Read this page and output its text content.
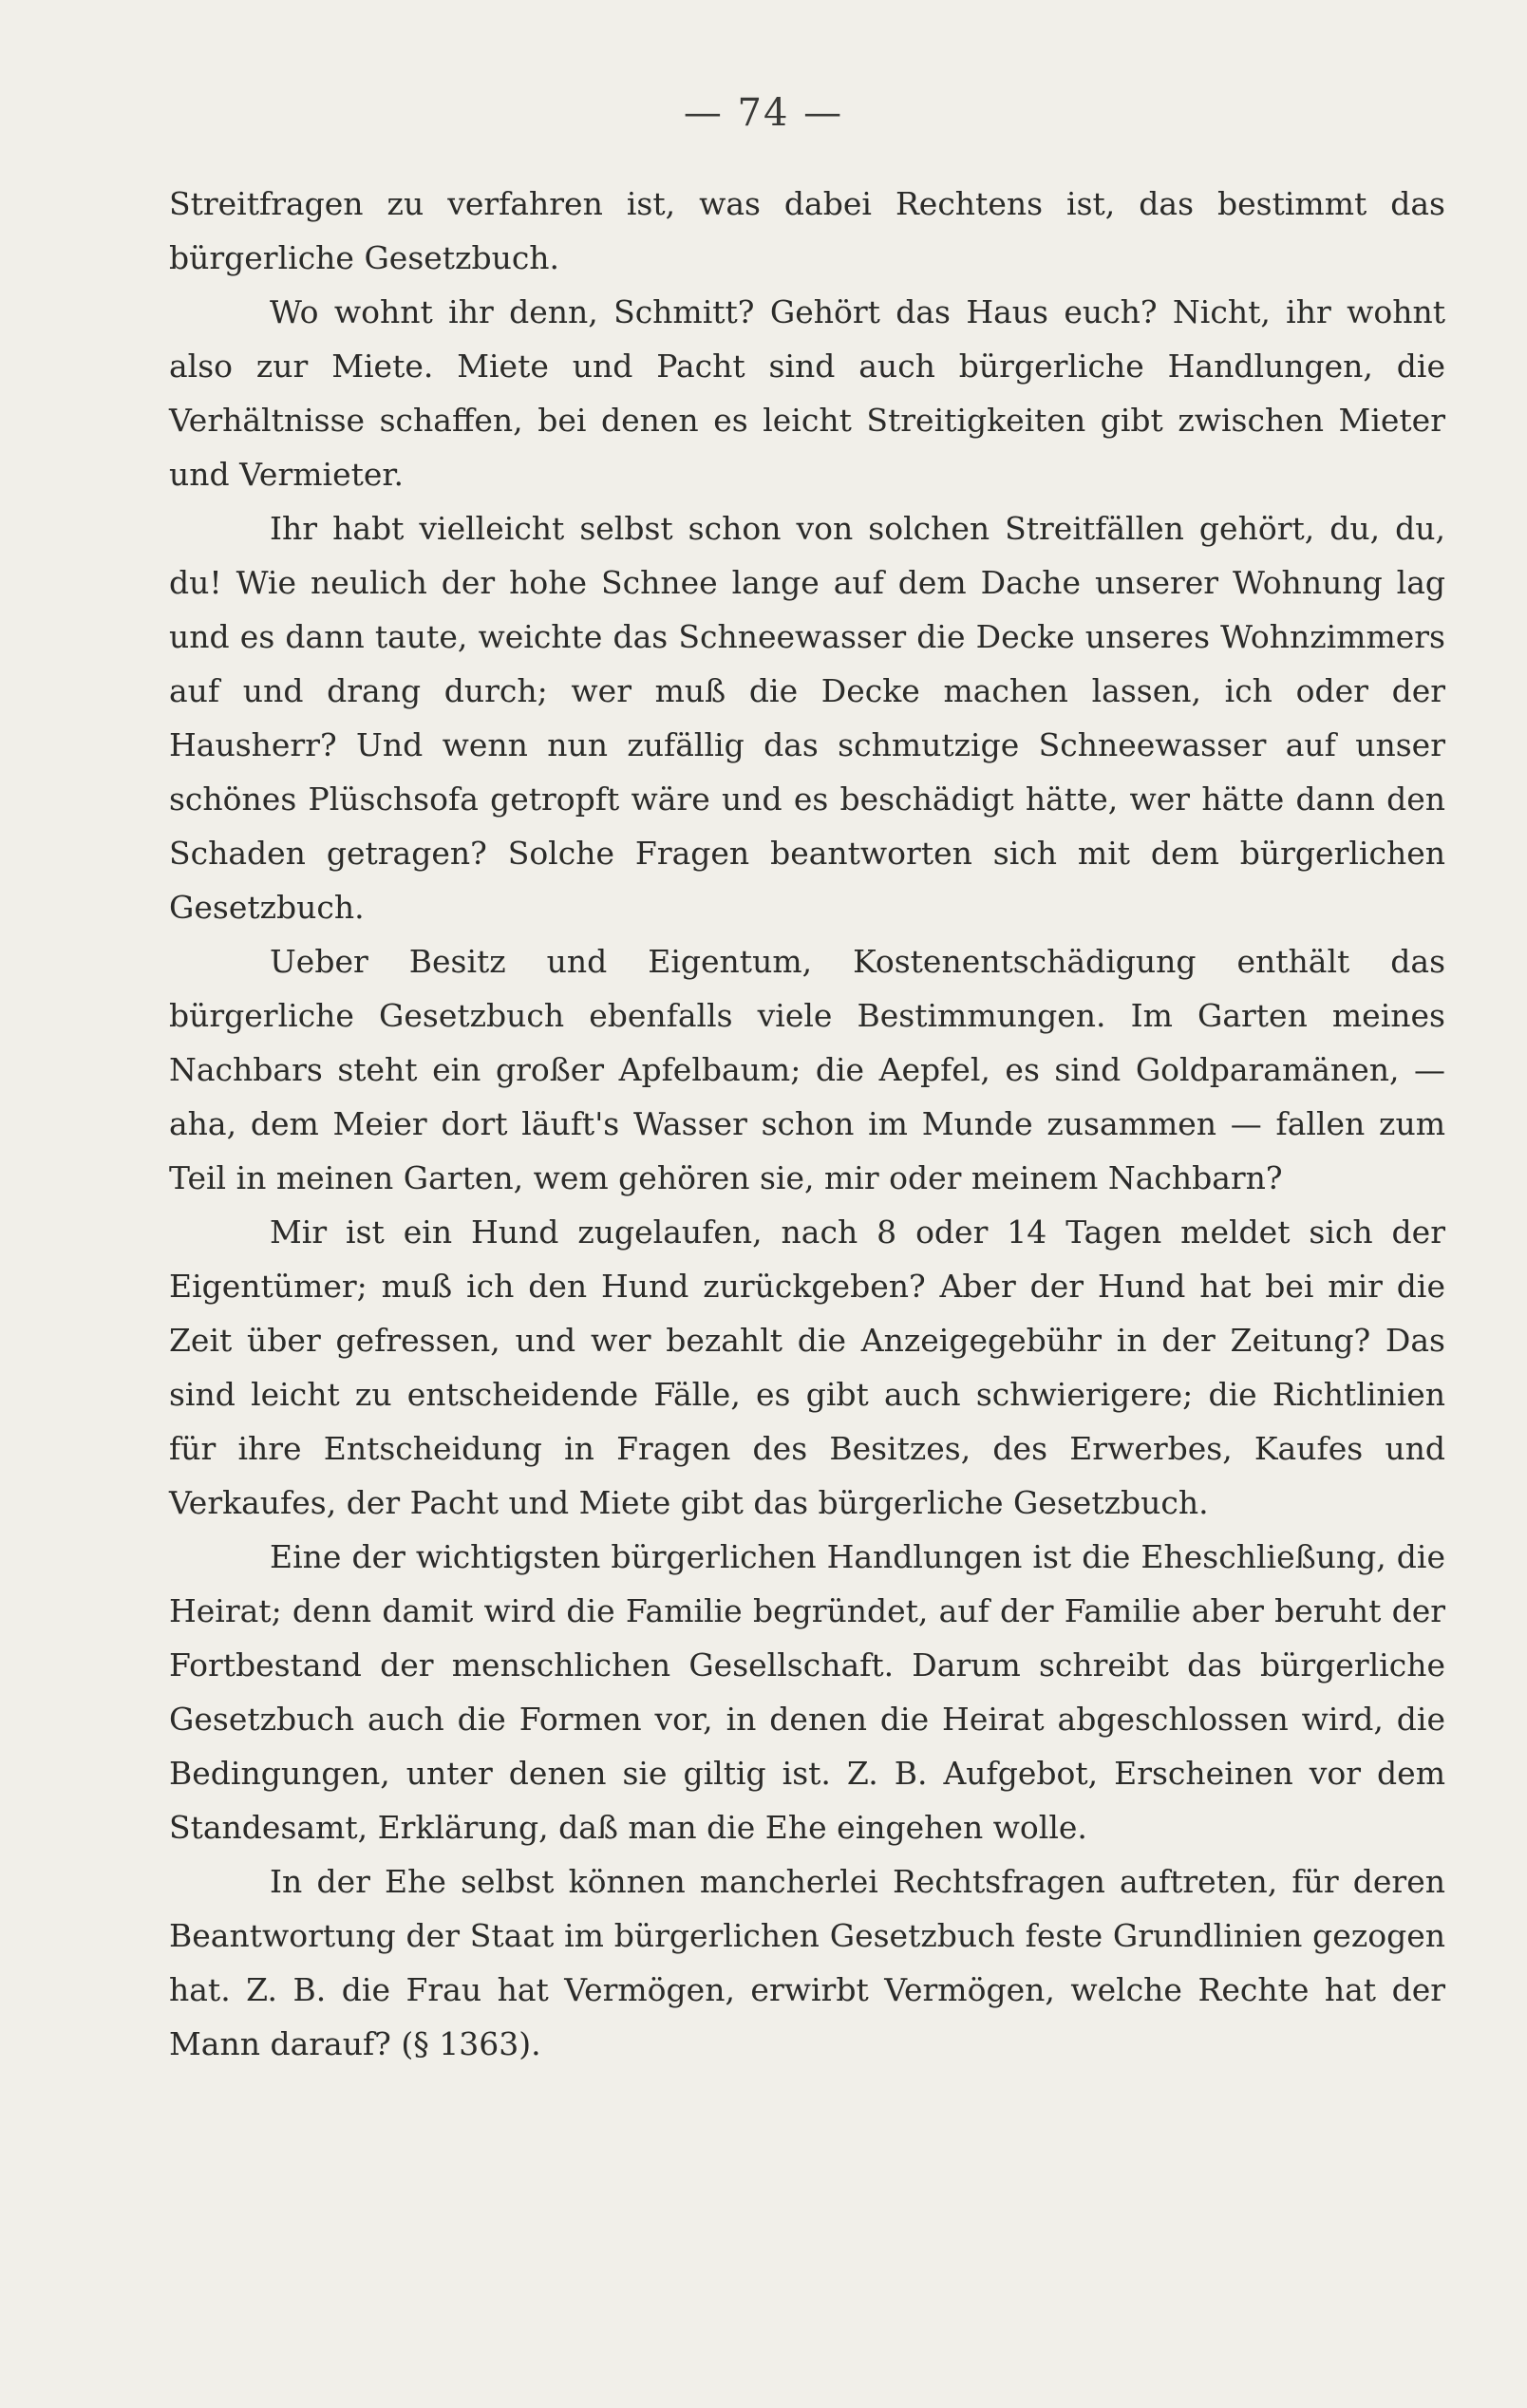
— 74 —

Streitfragen zu verfahren ist, was dabei Rechtens ist, das bestimmt das bürgerliche Gesetzbuch.

Wo wohnt ihr denn, Schmitt? Gehört das Haus euch? Nicht, ihr wohnt also zur Miete. Miete und Pacht sind auch bürgerliche Handlungen, die Verhältnisse schaffen, bei denen es leicht Streitigkeiten gibt zwischen Mieter und Vermieter.

Ihr habt vielleicht selbst schon von solchen Streitfällen gehört, du, du, du! Wie neulich der hohe Schnee lange auf dem Dache unserer Wohnung lag und es dann taute, weichte das Schneewasser die Decke unseres Wohnzimmers auf und drang durch; wer muß die Decke machen lassen, ich oder der Hausherr? Und wenn nun zufällig das schmutzige Schneewasser auf unser schönes Plüschsofa getropft wäre und es beschädigt hätte, wer hätte dann den Schaden getragen? Solche Fragen beantworten sich mit dem bürgerlichen Gesetzbuch.

Ueber Besitz und Eigentum, Kostenentschädigung enthält das bürgerliche Gesetzbuch ebenfalls viele Bestimmungen. Im Garten meines Nachbars steht ein großer Apfelbaum; die Aepfel, es sind Goldparamänen, — aha, dem Meier dort läuft's Wasser schon im Munde zusammen — fallen zum Teil in meinen Garten, wem gehören sie, mir oder meinem Nachbarn?

Mir ist ein Hund zugelaufen, nach 8 oder 14 Tagen meldet sich der Eigentümer; muß ich den Hund zurückgeben? Aber der Hund hat bei mir die Zeit über gefressen, und wer bezahlt die Anzeigegebühr in der Zeitung? Das sind leicht zu entscheidende Fälle, es gibt auch schwierigere; die Richtlinien für ihre Entscheidung in Fragen des Besitzes, des Erwerbes, Kaufes und Verkaufes, der Pacht und Miete gibt das bürgerliche Gesetzbuch.

Eine der wichtigsten bürgerlichen Handlungen ist die Eheschließung, die Heirat; denn damit wird die Familie begründet, auf der Familie aber beruht der Fortbestand der menschlichen Gesellschaft. Darum schreibt das bürgerliche Gesetzbuch auch die Formen vor, in denen die Heirat abgeschlossen wird, die Bedingungen, unter denen sie giltig ist. Z. B. Aufgebot, Erscheinen vor dem Standesamt, Erklärung, daß man die Ehe eingehen wolle.

In der Ehe selbst können mancherlei Rechtsfragen auftreten, für deren Beantwortung der Staat im bürgerlichen Gesetzbuch feste Grundlinien gezogen hat. Z. B. die Frau hat Vermögen, erwirbt Vermögen, welche Rechte hat der Mann darauf? (§ 1363).
